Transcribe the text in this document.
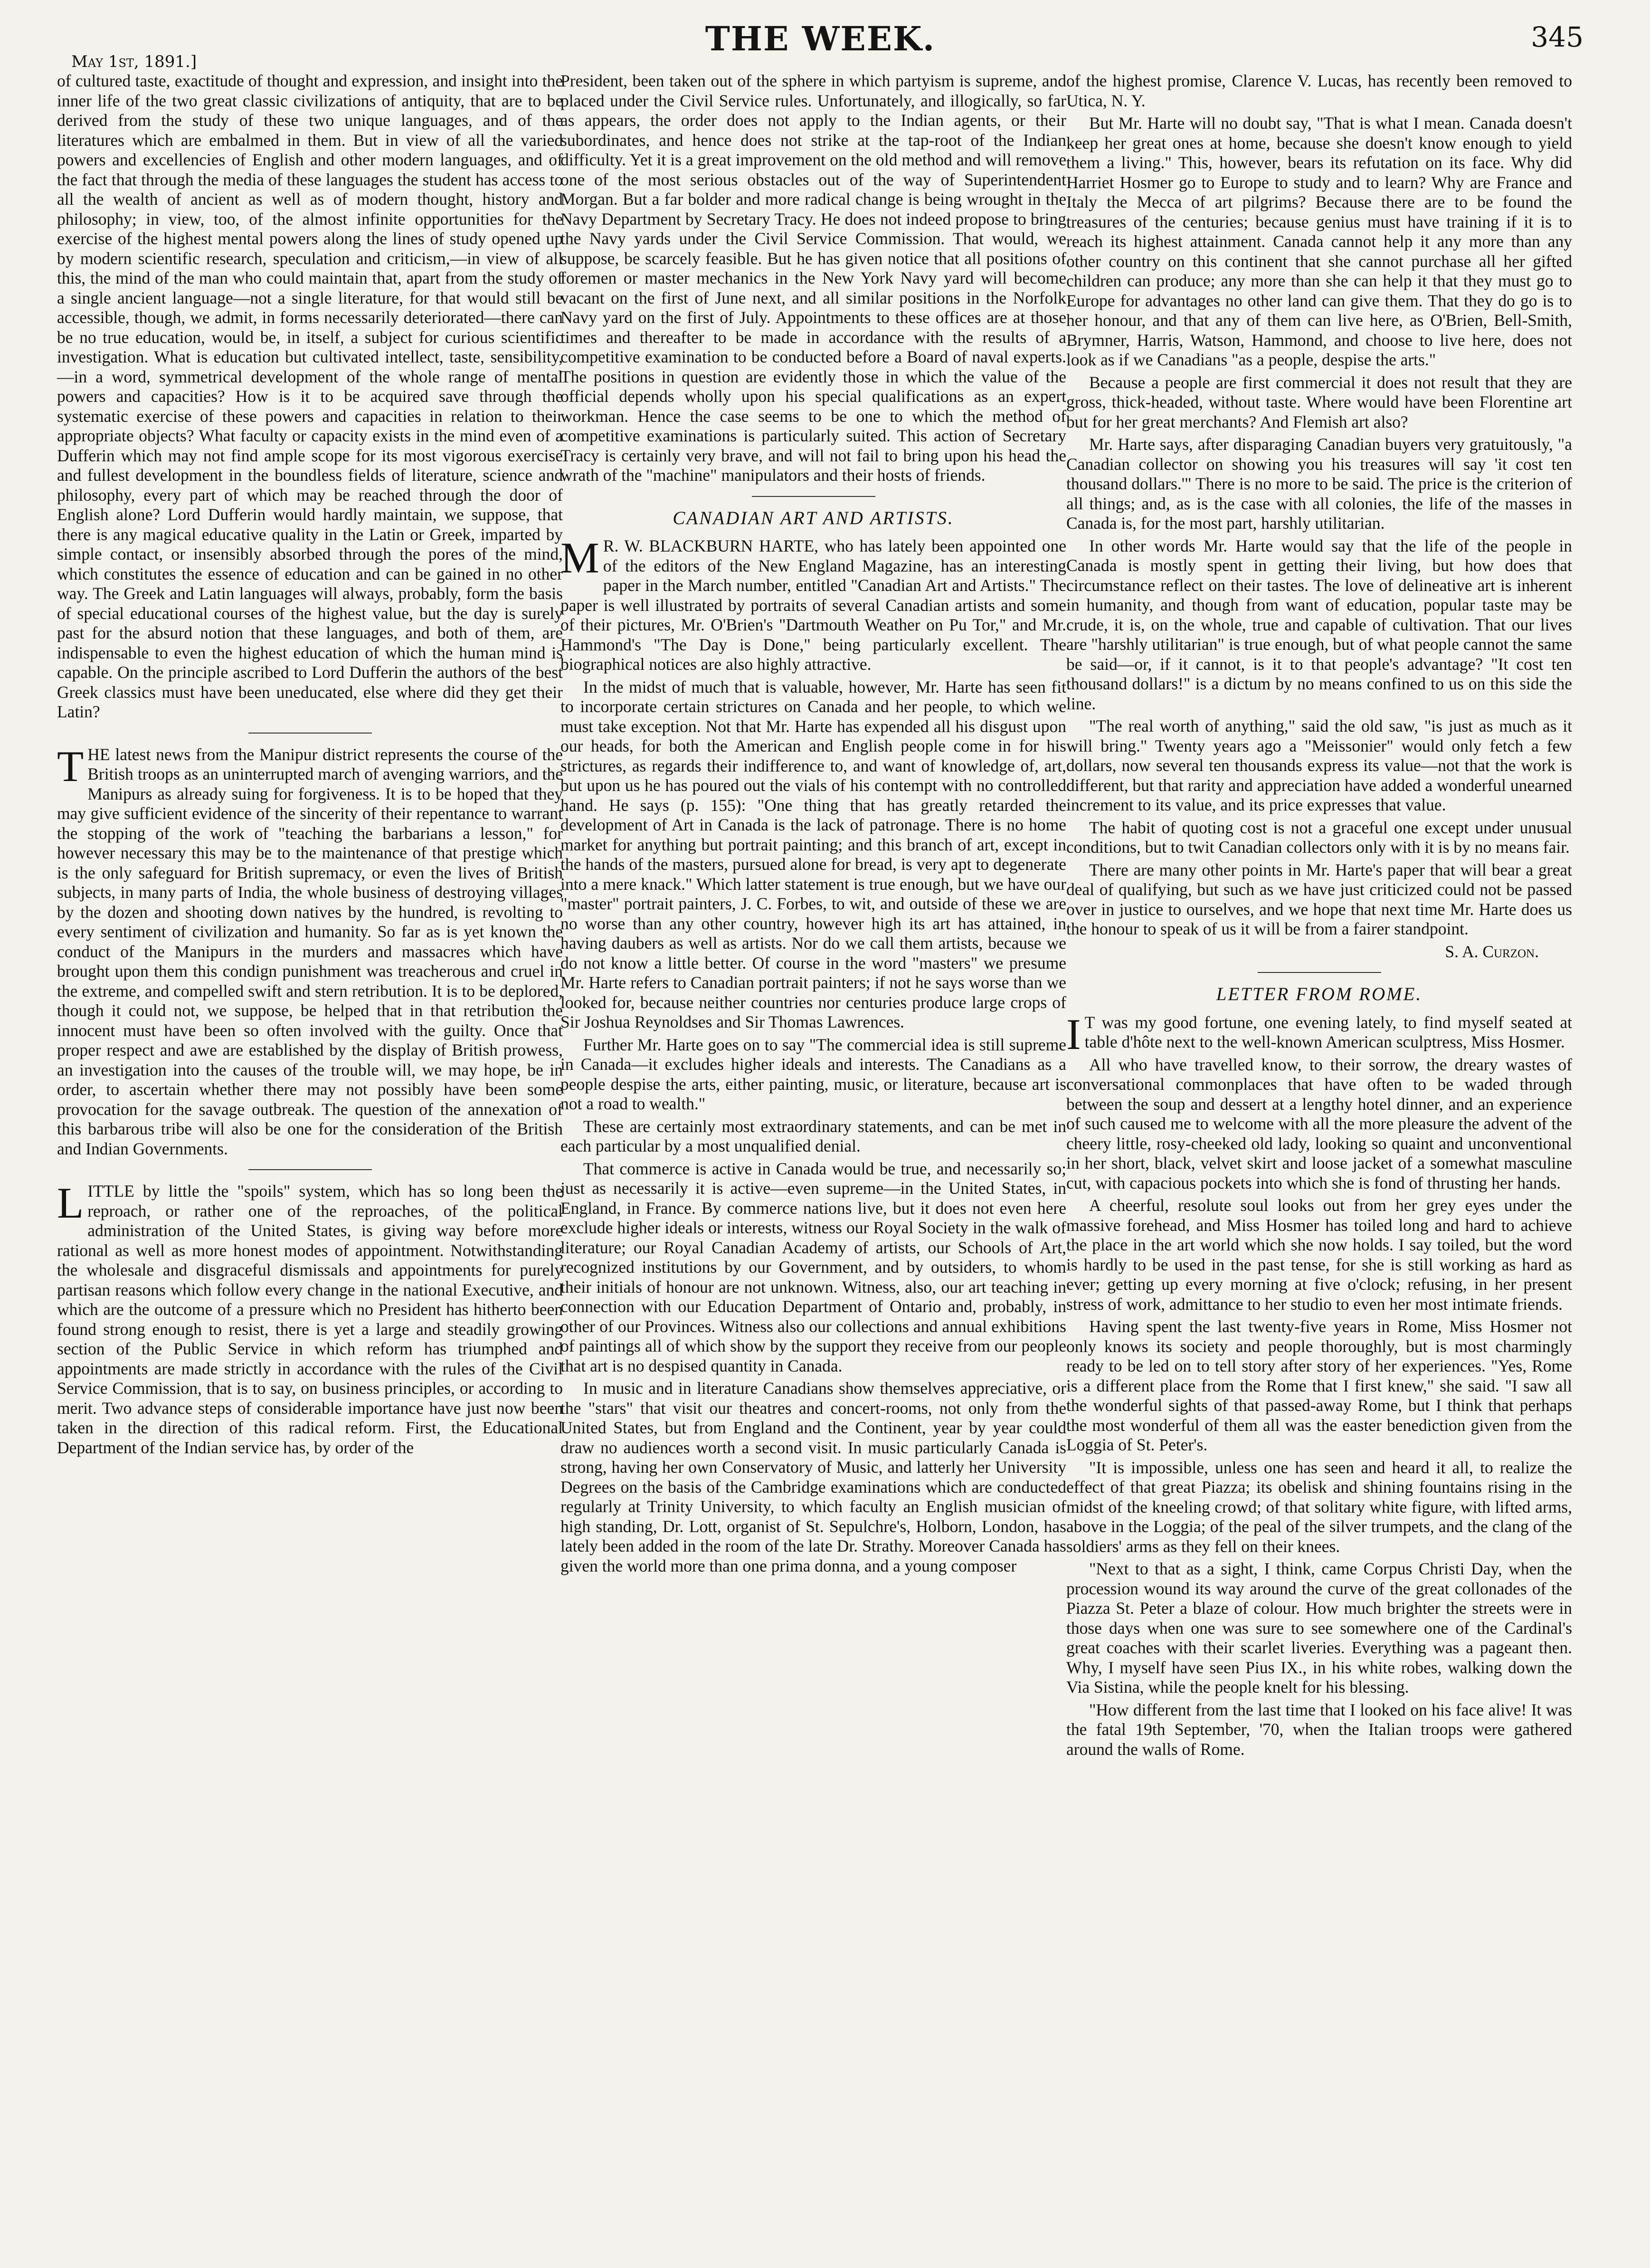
May 1st, 1891.]
THE WEEK.	345

of cultured taste, exactitude of thought and expression, and insight into the inner life of the two great classic civilizations of antiquity, that are to be derived from the study of these two unique languages, and of the literatures which are embalmed in them. But in view of all the varied powers and excellencies of English and other modern languages, and of the fact that through the media of these languages the student has access to all the wealth of ancient as well as of modern thought, history and philosophy; in view, too, of the almost infinite opportunities for the exercise of the highest mental powers along the lines of study opened up by modern scientific research, speculation and criticism,—in view of all this, the mind of the man who could maintain that, apart from the study of a single ancient language—not a single literature, for that would still be accessible, though, we admit, in forms necessarily deteriorated—there can be no true education, would be, in itself, a subject for curious scientific investigation. What is education but cultivated intellect, taste, sensibility,—in a word, symmetrical development of the whole range of mental powers and capacities? How is it to be acquired save through the systematic exercise of these powers and capacities in relation to their appropriate objects? What faculty or capacity exists in the mind even of a Dufferin which may not find ample scope for its most vigorous exercise and fullest development in the boundless fields of literature, science and philosophy, every part of which may be reached through the door of English alone? Lord Dufferin would hardly maintain, we suppose, that there is any magical educative quality in the Latin or Greek, imparted by simple contact, or insensibly absorbed through the pores of the mind, which constitutes the essence of education and can be gained in no other way. The Greek and Latin languages will always, probably, form the basis of special educational courses of the highest value, but the day is surely past for the absurd notion that these languages, and both of them, are indispensable to even the highest education of which the human mind is capable. On the principle ascribed to Lord Dufferin the authors of the best Greek classics must have been uneducated, else where did they get their Latin?

THE latest news from the Manipur district represents the course of the British troops as an uninterrupted march of avenging warriors, and the Manipurs as already suing for forgiveness. It is to be hoped that they may give sufficient evidence of the sincerity of their repentance to warrant the stopping of the work of "teaching the barbarians a lesson," for however necessary this may be to the maintenance of that prestige which is the only safeguard for British supremacy, or even the lives of British subjects, in many parts of India, the whole business of destroying villages by the dozen and shooting down natives by the hundred, is revolting to every sentiment of civilization and humanity. So far as is yet known the conduct of the Manipurs in the murders and massacres which have brought upon them this condign punishment was treacherous and cruel in the extreme, and compelled swift and stern retribution. It is to be deplored, though it could not, we suppose, be helped that in that retribution the innocent must have been so often involved with the guilty. Once that proper respect and awe are established by the display of British prowess, an investigation into the causes of the trouble will, we may hope, be in order, to ascertain whether there may not possibly have been some provocation for the savage outbreak. The question of the annexation of this barbarous tribe will also be one for the consideration of the British and Indian Governments.

LITTLE by little the "spoils" system, which has so long been the reproach, or rather one of the reproaches, of the political administration of the United States, is giving way before more rational as well as more honest modes of appointment. Notwithstanding the wholesale and disgraceful dismissals and appointments for purely partisan reasons which follow every change in the national Executive, and which are the outcome of a pressure which no President has hitherto been found strong enough to resist, there is yet a large and steadily growing section of the Public Service in which reform has triumphed and appointments are made strictly in accordance with the rules of the Civil Service Commission, that is to say, on business principles, or according to merit. Two advance steps of considerable importance have just now been taken in the direction of this radical reform. First, the Educational Department of the Indian service has, by order of the

President, been taken out of the sphere in which partyism is supreme, and placed under the Civil Service rules. Unfortunately, and illogically, so far as appears, the order does not apply to the Indian agents, or their subordinates, and hence does not strike at the tap-root of the Indian difficulty. Yet it is a great improvement on the old method and will remove one of the most serious obstacles out of the way of Superintendent Morgan. But a far bolder and more radical change is being wrought in the Navy Department by Secretary Tracy. He does not indeed propose to bring the Navy yards under the Civil Service Commission. That would, we suppose, be scarcely feasible. But he has given notice that all positions of foremen or master mechanics in the New York Navy yard will become vacant on the first of June next, and all similar positions in the Norfolk Navy yard on the first of July. Appointments to these offices are at those times and thereafter to be made in accordance with the results of a competitive examination to be conducted before a Board of naval experts. The positions in question are evidently those in which the value of the official depends wholly upon his special qualifications as an expert workman. Hence the case seems to be one to which the method of competitive examinations is particularly suited. This action of Secretary Tracy is certainly very brave, and will not fail to bring upon his head the wrath of the "machine" manipulators and their hosts of friends.

CANADIAN ART AND ARTISTS.

M R. W. BLACKBURN HARTE, who has lately been appointed one of the editors of the New England Magazine, has an interesting paper in the March number, entitled "Canadian Art and Artists." The paper is well illustrated by portraits of several Canadian artists and some of their pictures, Mr. O'Brien's "Dartmouth Weather on Pu Tor," and Mr. Hammond's "The Day is Done," being particularly excellent. The biographical notices are also highly attractive.

In the midst of much that is valuable, however, Mr. Harte has seen fit to incorporate certain strictures on Canada and her people, to which we must take exception. Not that Mr. Harte has expended all his disgust upon our heads, for both the American and English people come in for his strictures, as regards their indifference to, and want of knowledge of, art, but upon us he has poured out the vials of his contempt with no controlled hand. He says (p. 155): "One thing that has greatly retarded the development of Art in Canada is the lack of patronage. There is no home market for anything but portrait painting; and this branch of art, except in the hands of the masters, pursued alone for bread, is very apt to degenerate into a mere knack." Which latter statement is true enough, but we have our "master" portrait painters, J. C. Forbes, to wit, and outside of these we are no worse than any other country, however high its art has attained, in having daubers as well as artists. Nor do we call them artists, because we do not know a little better. Of course in the word "masters" we presume Mr. Harte refers to Canadian portrait painters; if not he says worse than we looked for, because neither countries nor centuries produce large crops of Sir Joshua Reynoldses and Sir Thomas Lawrences.

Further Mr. Harte goes on to say "The commercial idea is still supreme in Canada—it excludes higher ideals and interests. The Canadians as a people despise the arts, either painting, music, or literature, because art is not a road to wealth."

These are certainly most extraordinary statements, and can be met in each particular by a most unqualified denial.

That commerce is active in Canada would be true, and necessarily so; just as necessarily it is active—even supreme—in the United States, in England, in France. By commerce nations live, but it does not even here exclude higher ideals or interests, witness our Royal Society in the walk of literature; our Royal Canadian Academy of artists, our Schools of Art, recognized institutions by our Government, and by outsiders, to whom their initials of honour are not unknown. Witness, also, our art teaching in connection with our Education Department of Ontario and, probably, in other of our Provinces. Witness also our collections and annual exhibitions of paintings all of which show by the support they receive from our people that art is no despised quantity in Canada.

In music and in literature Canadians show themselves appreciative, or the "stars" that visit our theatres and concert-rooms, not only from the United States, but from England and the Continent, year by year could draw no audiences worth a second visit. In music particularly Canada is strong, having her own Conservatory of Music, and latterly her University Degrees on the basis of the Cambridge examinations which are conducted regularly at Trinity University, to which faculty an English musician of high standing, Dr. Lott, organist of St. Sepulchre's, Holborn, London, has lately been added in the room of the late Dr. Strathy. Moreover Canada has given the world more than one prima donna, and a young composer

of the highest promise, Clarence V. Lucas, has recently been removed to Utica, N. Y.

But Mr. Harte will no doubt say, "That is what I mean. Canada doesn't keep her great ones at home, because she doesn't know enough to yield them a living." This, however, bears its refutation on its face. Why did Harriet Hosmer go to Europe to study and to learn? Why are France and Italy the Mecca of art pilgrims? Because there are to be found the treasures of the centuries; because genius must have training if it is to reach its highest attainment. Canada cannot help it any more than any other country on this continent that she cannot purchase all her gifted children can produce; any more than she can help it that they must go to Europe for advantages no other land can give them. That they do go is to her honour, and that any of them can live here, as O'Brien, Bell-Smith, Brymner, Harris, Watson, Hammond, and choose to live here, does not look as if we Canadians "as a people, despise the arts."

Because a people are first commercial it does not result that they are gross, thick-headed, without taste. Where would have been Florentine art but for her great merchants? And Flemish art also?

Mr. Harte says, after disparaging Canadian buyers very gratuitously, "a Canadian collector on showing you his treasures will say 'it cost ten thousand dollars.'" There is no more to be said. The price is the criterion of all things; and, as is the case with all colonies, the life of the masses in Canada is, for the most part, harshly utilitarian.

In other words Mr. Harte would say that the life of the people in Canada is mostly spent in getting their living, but how does that circumstance reflect on their tastes. The love of delineative art is inherent in humanity, and though from want of education, popular taste may be crude, it is, on the whole, true and capable of cultivation. That our lives are "harshly utilitarian" is true enough, but of what people cannot the same be said—or, if it cannot, is it to that people's advantage? "It cost ten thousand dollars!" is a dictum by no means confined to us on this side the line.

"The real worth of anything," said the old saw, "is just as much as it will bring." Twenty years ago a "Meissonier" would only fetch a few dollars, now several ten thousands express its value—not that the work is different, but that rarity and appreciation have added a wonderful unearned increment to its value, and its price expresses that value.

The habit of quoting cost is not a graceful one except under unusual conditions, but to twit Canadian collectors only with it is by no means fair.

There are many other points in Mr. Harte's paper that will bear a great deal of qualifying, but such as we have just criticized could not be passed over in justice to ourselves, and we hope that next time Mr. Harte does us the honour to speak of us it will be from a fairer standpoint.

S. A. Curzon.
LETTER FROM ROME.

I T was my good fortune, one evening lately, to find myself seated at table d'hôte next to the well-known American sculptress, Miss Hosmer.

All who have travelled know, to their sorrow, the dreary wastes of conversational commonplaces that have often to be waded through between the soup and dessert at a lengthy hotel dinner, and an experience of such caused me to welcome with all the more pleasure the advent of the cheery little, rosy-cheeked old lady, looking so quaint and unconventional in her short, black, velvet skirt and loose jacket of a somewhat masculine cut, with capacious pockets into which she is fond of thrusting her hands.

A cheerful, resolute soul looks out from her grey eyes under the massive forehead, and Miss Hosmer has toiled long and hard to achieve the place in the art world which she now holds. I say toiled, but the word is hardly to be used in the past tense, for she is still working as hard as ever; getting up every morning at five o'clock; refusing, in her present stress of work, admittance to her studio to even her most intimate friends.

Having spent the last twenty-five years in Rome, Miss Hosmer not only knows its society and people thoroughly, but is most charmingly ready to be led on to tell story after story of her experiences. "Yes, Rome is a different place from the Rome that I first knew," she said. "I saw all the wonderful sights of that passed-away Rome, but I think that perhaps the most wonderful of them all was the easter benediction given from the Loggia of St. Peter's.

"It is impossible, unless one has seen and heard it all, to realize the effect of that great Piazza; its obelisk and shining fountains rising in the midst of the kneeling crowd; of that solitary white figure, with lifted arms, above in the Loggia; of the peal of the silver trumpets, and the clang of the soldiers' arms as they fell on their knees.

"Next to that as a sight, I think, came Corpus Christi Day, when the procession wound its way around the curve of the great collonades of the Piazza St. Peter a blaze of colour. How much brighter the streets were in those days when one was sure to see somewhere one of the Cardinal's great coaches with their scarlet liveries. Everything was a pageant then. Why, I myself have seen Pius IX., in his white robes, walking down the Via Sistina, while the people knelt for his blessing.

"How different from the last time that I looked on his face alive! It was the fatal 19th September, '70, when the Italian troops were gathered around the walls of Rome.
